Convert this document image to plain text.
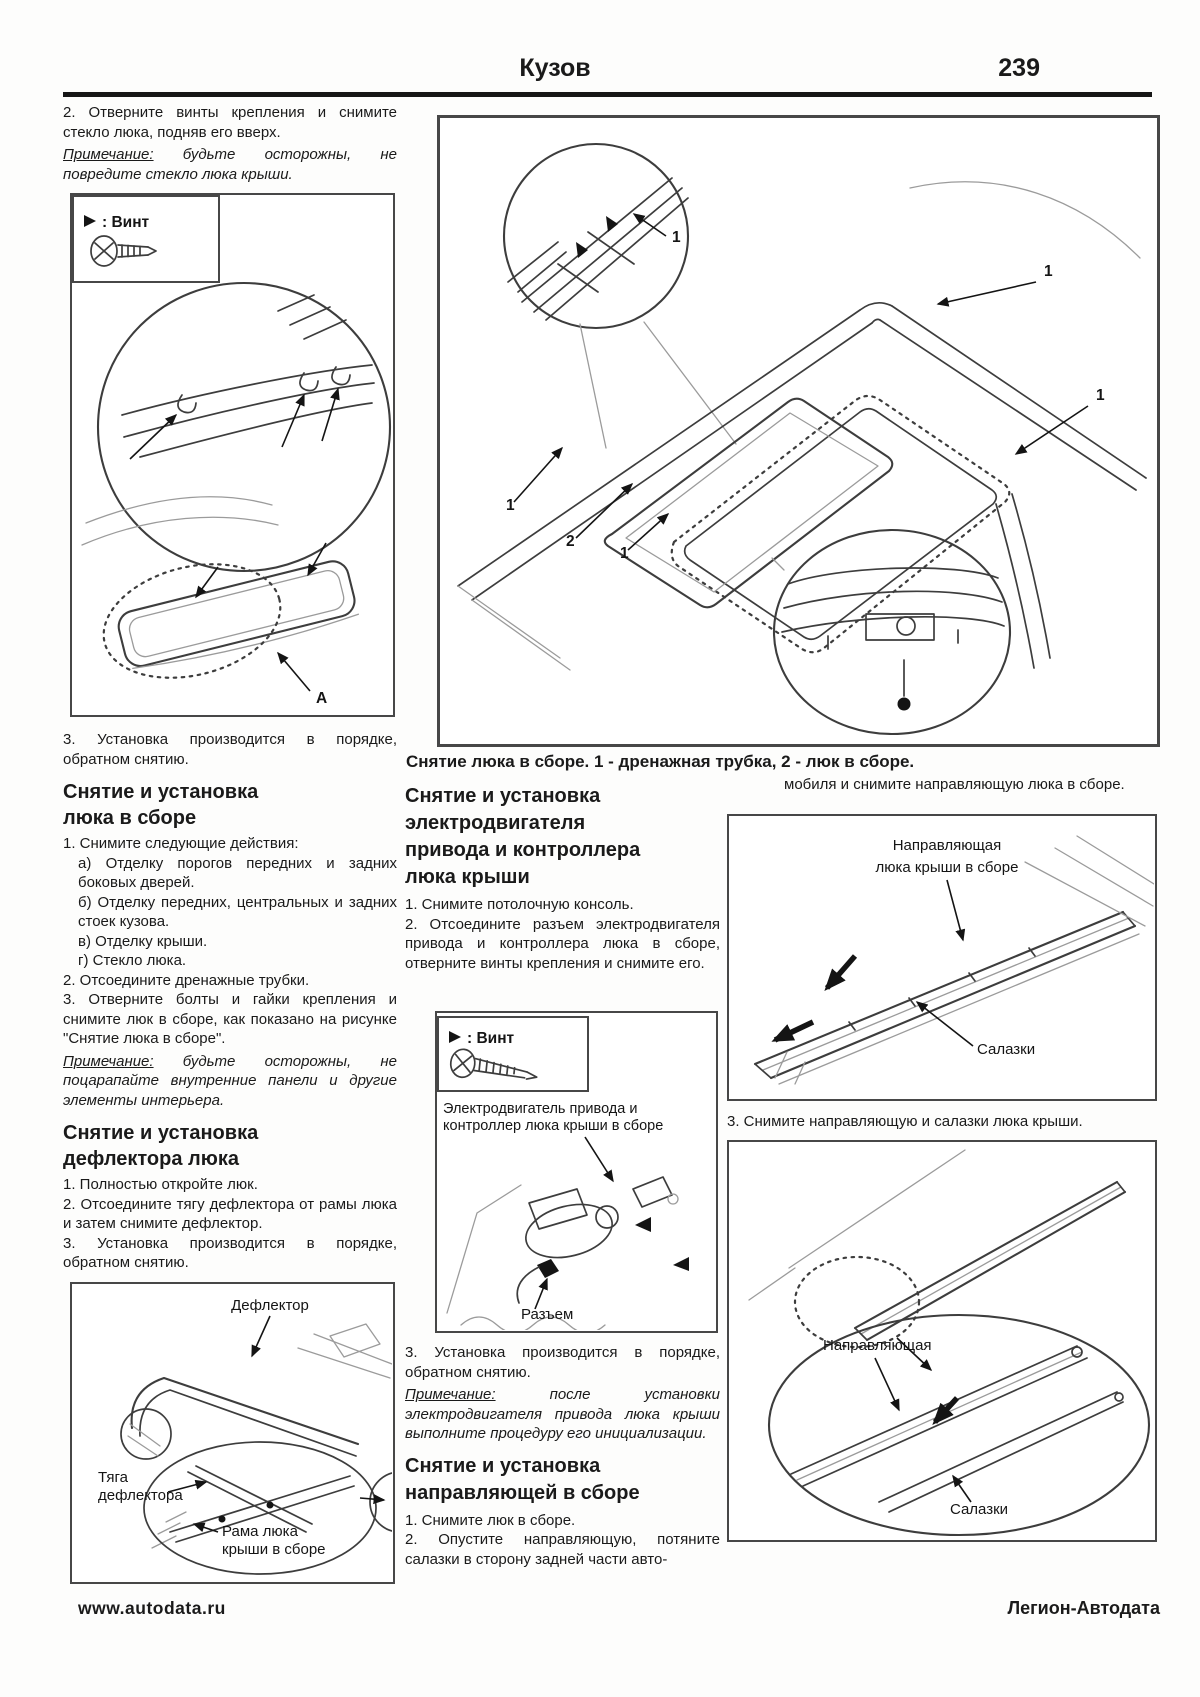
Кузов	239
2. Отверните винты крепления и снимите стекло люка, подняв его вверх.
Примечание: будьте осторожны, не повредите стекло люка крыши.
: Винт
A
3. Установка производится в порядке, обратном снятию.
Снятие и установка
люка в сборе
1. Снимите следующие действия:
а) Отделку порогов передних и задних боковых дверей.
б) Отделку передних, центральных и задних стоек кузова.
в) Отделку крыши.
г) Стекло люка.
2. Отсоедините дренажные трубки.
3. Отверните болты и гайки крепления и снимите люк в сборе, как показано на рисунке "Снятие люка в сборе".
Примечание: будьте осторожны, не поцарапайте внутренние панели и другие элементы интерьера.
Снятие и установка
дефлектора люка
1. Полностью откройте люк.
2. Отсоедините тягу дефлектора от рамы люка и затем снимите дефлектор.
3. Установка производится в порядке, обратном снятию.
Дефлектор
Тяга
дефлектора
Рама люка
крыши в сборе
1
1
1
1
2
1
Снятие люка в сборе. 1 - дренажная трубка, 2 - люк в сборе.
Снятие и установка
электродвигателя
привода и контроллера
люка крыши
1. Снимите потолочную консоль.
2. Отсоедините разъем электродвигателя привода и контроллера люка в сборе, отверните винты крепления и снимите его.
: Винт
Электродвигатель привода и
контроллер люка крыши в сборе
Разъем
3. Установка производится в порядке, обратном снятию.
Примечание: после установки электродвигателя привода люка крыши выполните процедуру его инициализации.
Снятие и установка
направляющей в сборе
1. Снимите люк в сборе.
2. Опустите направляющую, потяните салазки в сторону задней части авто-
мобиля и снимите направляющую люка в сборе.
Направляющая
люка крыши в сборе
Салазки
3. Снимите направляющую и салазки люка крыши.
Направляющая
Салазки
www.autodata.ru	Легион-Автодата
